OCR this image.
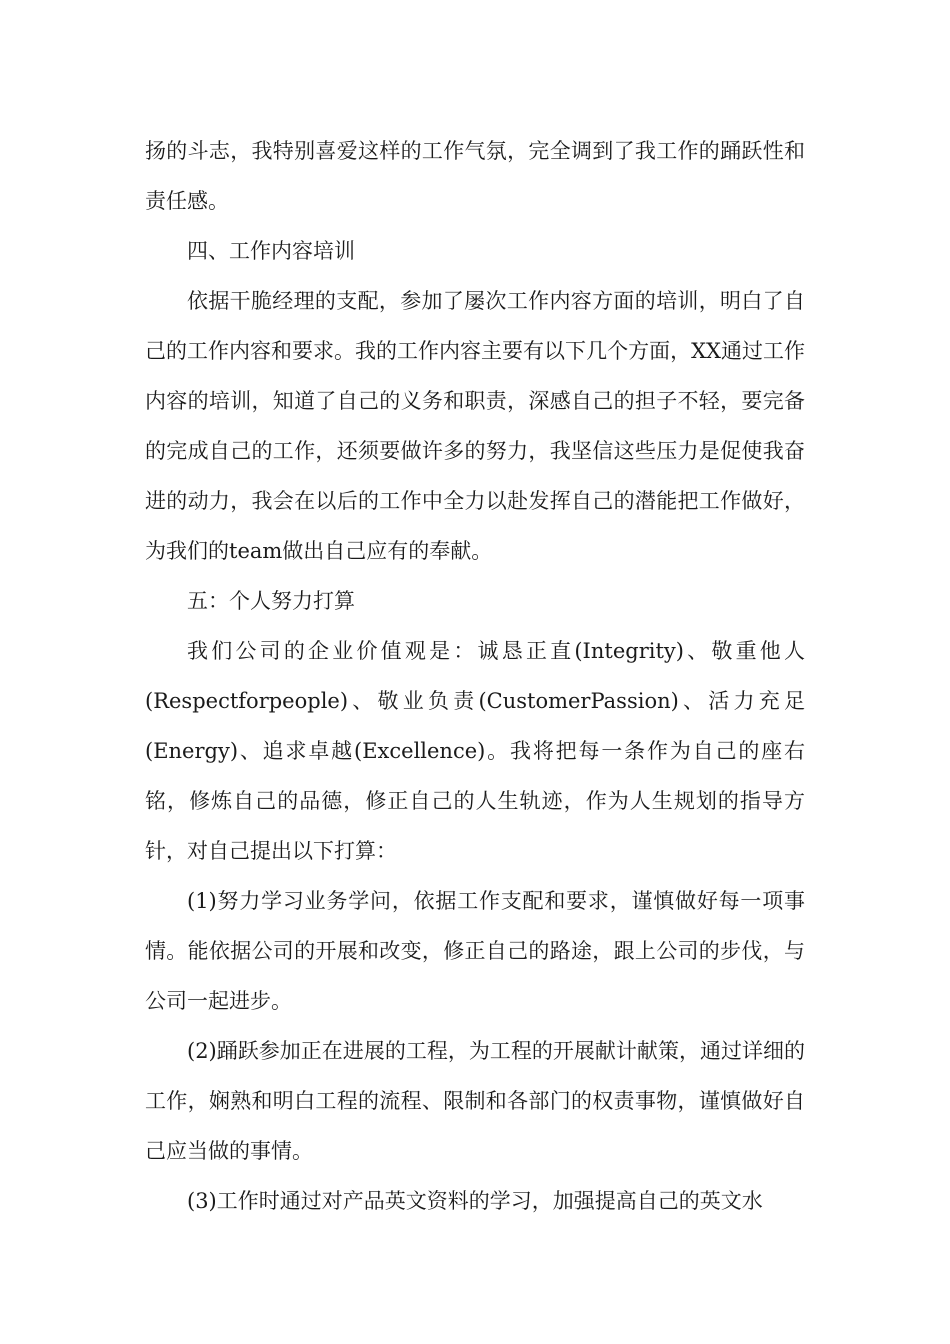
扬的斗志，我特别喜爱这样的工作气氛，完全调到了我工作的踊跃性和责任感。

四、工作内容培训

依据干脆经理的支配，参加了屡次工作内容方面的培训，明白了自己的工作内容和要求。我的工作内容主要有以下几个方面，XX通过工作内容的培训，知道了自己的义务和职责，深感自己的担子不轻，要完备的完成自己的工作，还须要做许多的努力，我坚信这些压力是促使我奋进的动力，我会在以后的工作中全力以赴发挥自己的潜能把工作做好，为我们的team做出自己应有的奉献。

五：个人努力打算

我们公司的企业价值观是：诚恳正直(Integrity)、敬重他人(Respectforpeople)、敬业负责(CustomerPassion)、活力充足(Energy)、追求卓越(Excellence)。我将把每一条作为自己的座右铭，修炼自己的品德，修正自己的人生轨迹，作为人生规划的指导方针，对自己提出以下打算：

(1)努力学习业务学问，依据工作支配和要求，谨慎做好每一项事情。能依据公司的开展和改变，修正自己的路途，跟上公司的步伐，与公司一起进步。

(2)踊跃参加正在进展的工程，为工程的开展献计献策，通过详细的工作，娴熟和明白工程的流程、限制和各部门的权责事物，谨慎做好自己应当做的事情。

(3)工作时通过对产品英文资料的学习，加强提高自己的英文水
